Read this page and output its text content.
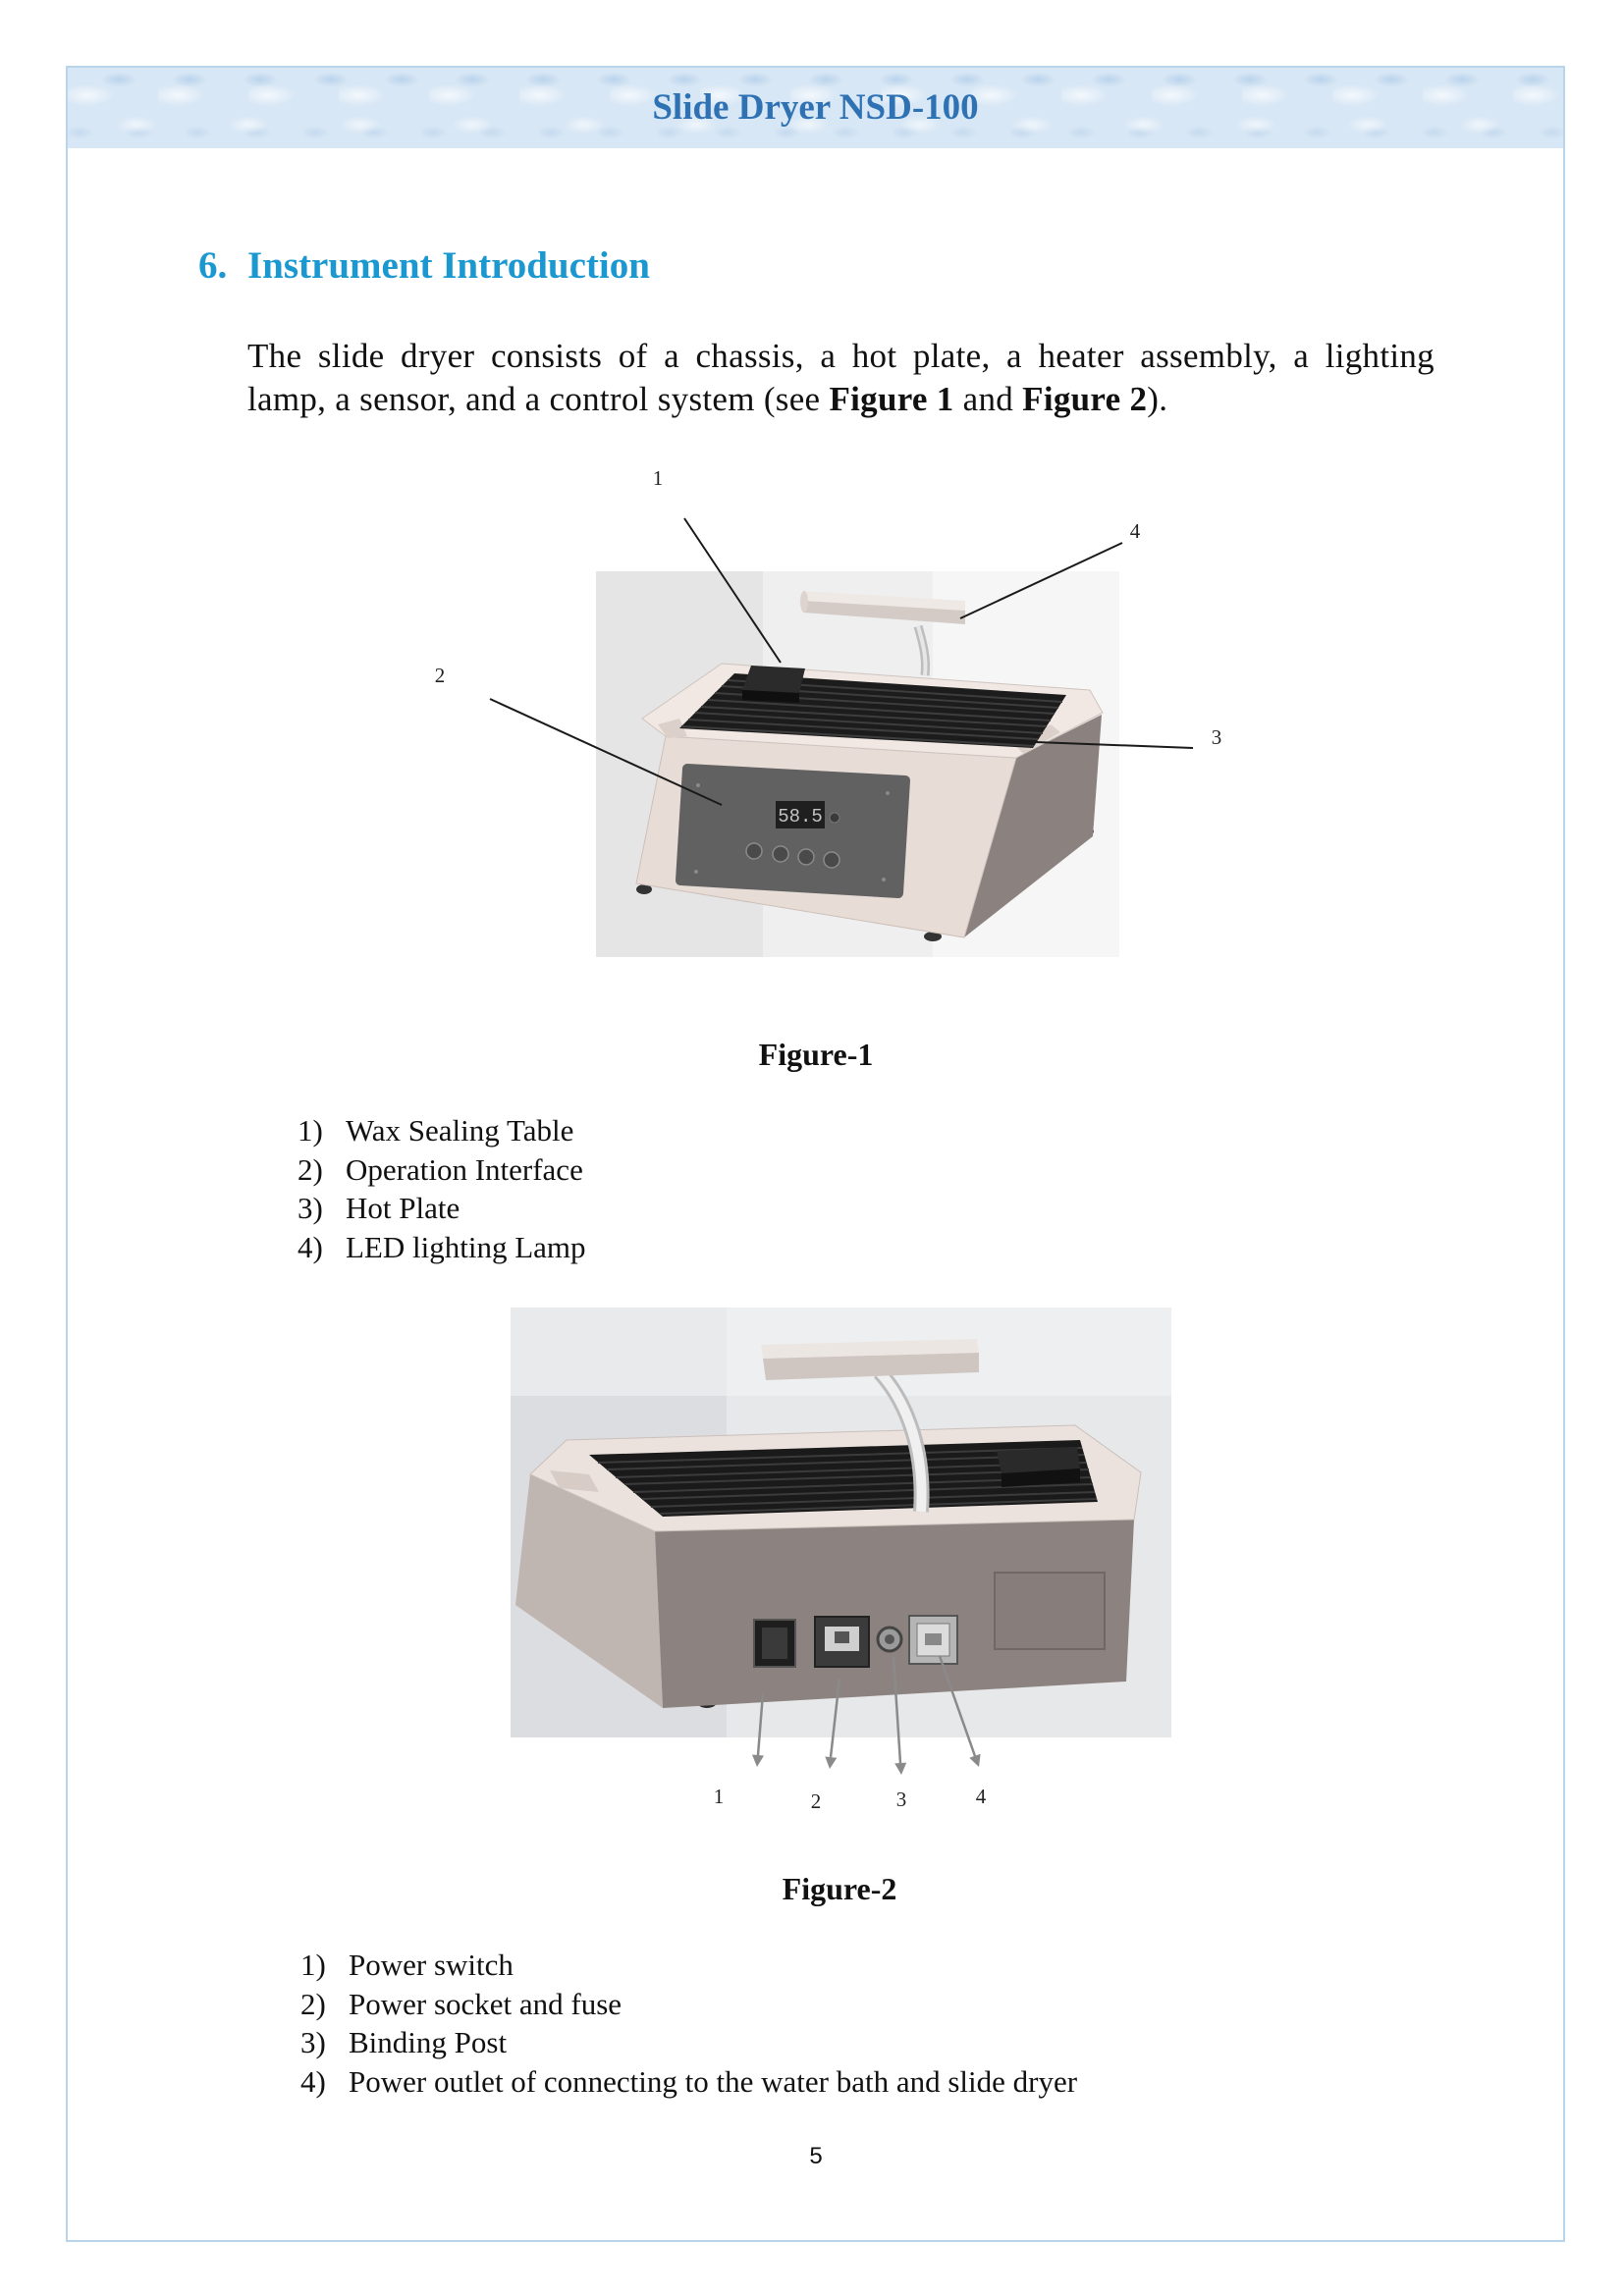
Slide Dryer NSD-100
6. Instrument Introduction

The slide dryer consists of a chassis, a hot plate, a heater assembly, a lighting
lamp, a sensor, and a control system (see Figure 1 and Figure 2).

58.5
1
2
3
4
Figure-1
1) Wax Sealing Table
2) Operation Interface
3) Hot Plate
4) LED lighting Lamp
1	2	3	4
Figure-2
1) Power switch
2) Power socket and fuse
3) Binding Post
4) Power outlet of connecting to the water bath and slide dryer
5
